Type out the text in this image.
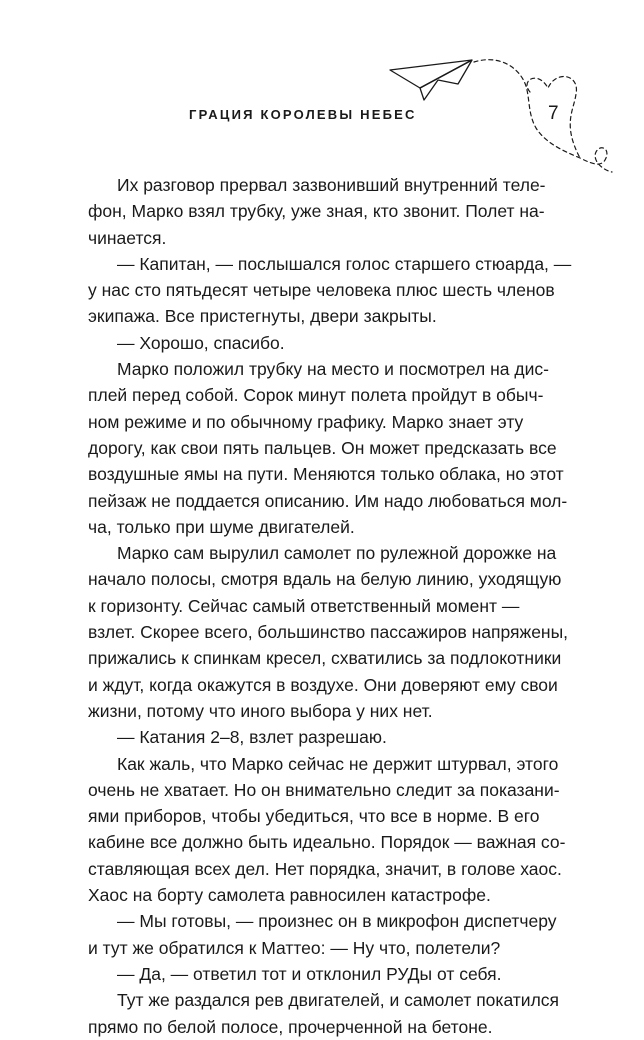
ГРАЦИЯ КОРОЛЕВЫ НЕБЕС	7
Их разговор прервал зазвонивший внутренний теле-
фон, Марко взял трубку, уже зная, кто звонит. Полет на-
чинается.
— Капитан, — послышался голос старшего стюарда, —
у нас сто пятьдесят четыре человека плюс шесть членов
экипажа. Все пристегнуты, двери закрыты.
— Хорошо, спасибо.
Марко положил трубку на место и посмотрел на дис-
плей перед собой. Сорок минут полета пройдут в обыч-
ном режиме и по обычному графику. Марко знает эту
дорогу, как свои пять пальцев. Он может предсказать все
воздушные ямы на пути. Меняются только облака, но этот
пейзаж не поддается описанию. Им надо любоваться мол-
ча, только при шуме двигателей.
Марко сам вырулил самолет по рулежной дорожке на
начало полосы, смотря вдаль на белую линию, уходящую
к горизонту. Сейчас самый ответственный момент —
взлет. Скорее всего, большинство пассажиров напряжены,
прижались к спинкам кресел, схватились за подлокотники
и ждут, когда окажутся в воздухе. Они доверяют ему свои
жизни, потому что иного выбора у них нет.
— Катания 2–8, взлет разрешаю.
Как жаль, что Марко сейчас не держит штурвал, этого
очень не хватает. Но он внимательно следит за показани-
ями приборов, чтобы убедиться, что все в норме. В его
кабине все должно быть идеально. Порядок — важная со-
ставляющая всех дел. Нет порядка, значит, в голове хаос.
Хаос на борту самолета равносилен катастрофе.
— Мы готовы, — произнес он в микрофон диспетчеру
и тут же обратился к Маттео: — Ну что, полетели?
— Да, — ответил тот и отклонил РУДы от себя.
Тут же раздался рев двигателей, и самолет покатился
прямо по белой полосе, прочерченной на бетоне.
